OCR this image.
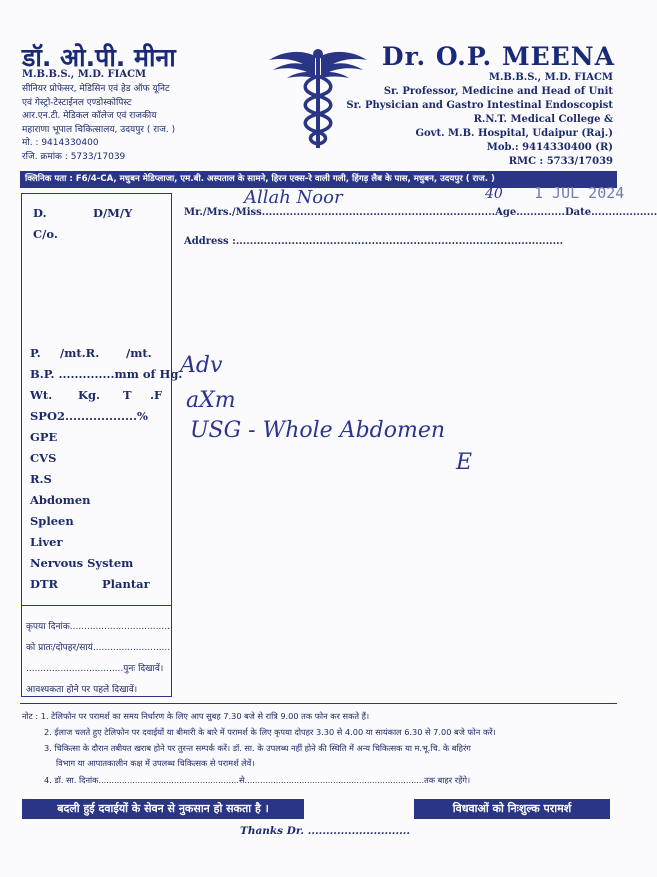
डॉ. ओ.पी. मीना
M.B.B.S., M.D. FIACM
सीनियर प्रोफेसर, मेडिसिन एवं हेड ऑफ यूनिट
एवं गेस्ट्रो-टेस्टाईनल एण्डोस्कोपिस्ट
आर.एन.टी. मेडिकल कॉलेज एवं राजकीय
महाराणा भूपाल चिकित्सालय, उदयपुर ( राज. )
मो. : 9414330400
रजि. क्रमांक : 5733/17039
Dr. O.P. MEENA
M.B.B.S., M.D. FIACM
Sr. Professor, Medicine and Head of Unit
Sr. Physician and Gastro Intestinal Endoscopist
R.N.T. Medical College &
Govt. M.B. Hospital, Udaipur (Raj.)
Mob.: 9414330400 (R)
RMC : 5733/17039
क्लिनिक पता : F6/4-CA, मधुबन मेडिप्लाजा, एम.बी. अस्पताल के सामने, हिरन एक्स-रे वाली गली, हिंगड़ लैब के पास, मधुबन, उदयपुर ( राज. )
D.	D/M/Y
C/o.
P. /mt.R. /mt.
B.P. ..............mm of Hg.
Wt. Kg. T .F
SPO2..................%
GPE
CVS
R.S
Abdomen
Spleen
Liver
Nervous System
DTR	Plantar
कृपया दिनांक....................................
को प्रातः/दोपहर/सायं...........................
..................................पुनः दिखावें।
आवश्यकता होने पर पहले दिखावें।
Mr./Mrs./Miss...................................................................Age..............Date...................
Address :..............................................................................................
Allah Noor	40 1 JUL 2024
Adv
aXm
USG - Whole Abdomen
E
नोट : 1. टेलिफोन पर परामर्श का समय निर्धारण के लिए आप सुबह 7.30 बजे से रात्रि 9.00 तक फोन कर सकते हैं।
2. ईलाज चलते हुए टेलिफोन पर दवाईयों या बीमारी के बारे में परामर्श के लिए कृपया दोपहर 3.30 से 4.00 या सायंकाल 6.30 से 7.00 बजे फोन करें।
3. चिकित्सा के दौरान तबीयत खराब होने पर तुरन्त सम्पर्क करें। डॉ. सा. के उपलब्ध नहीं होने की स्थिति में अन्य चिकित्सक या म.भू.चि. के बहिरंग
विभाग या आपातकालीन कक्ष में उपलब्ध चिकित्सक से परामर्श लेवें।
4. डॉ. सा. दिनांक......................................................से.....................................................................तक बाहर रहेंगे।
बदली हुई दवाईयों के सेवन से नुकसान हो सकता है ।	विधवाओं को निःशुल्क परामर्श
Thanks Dr. ............................
